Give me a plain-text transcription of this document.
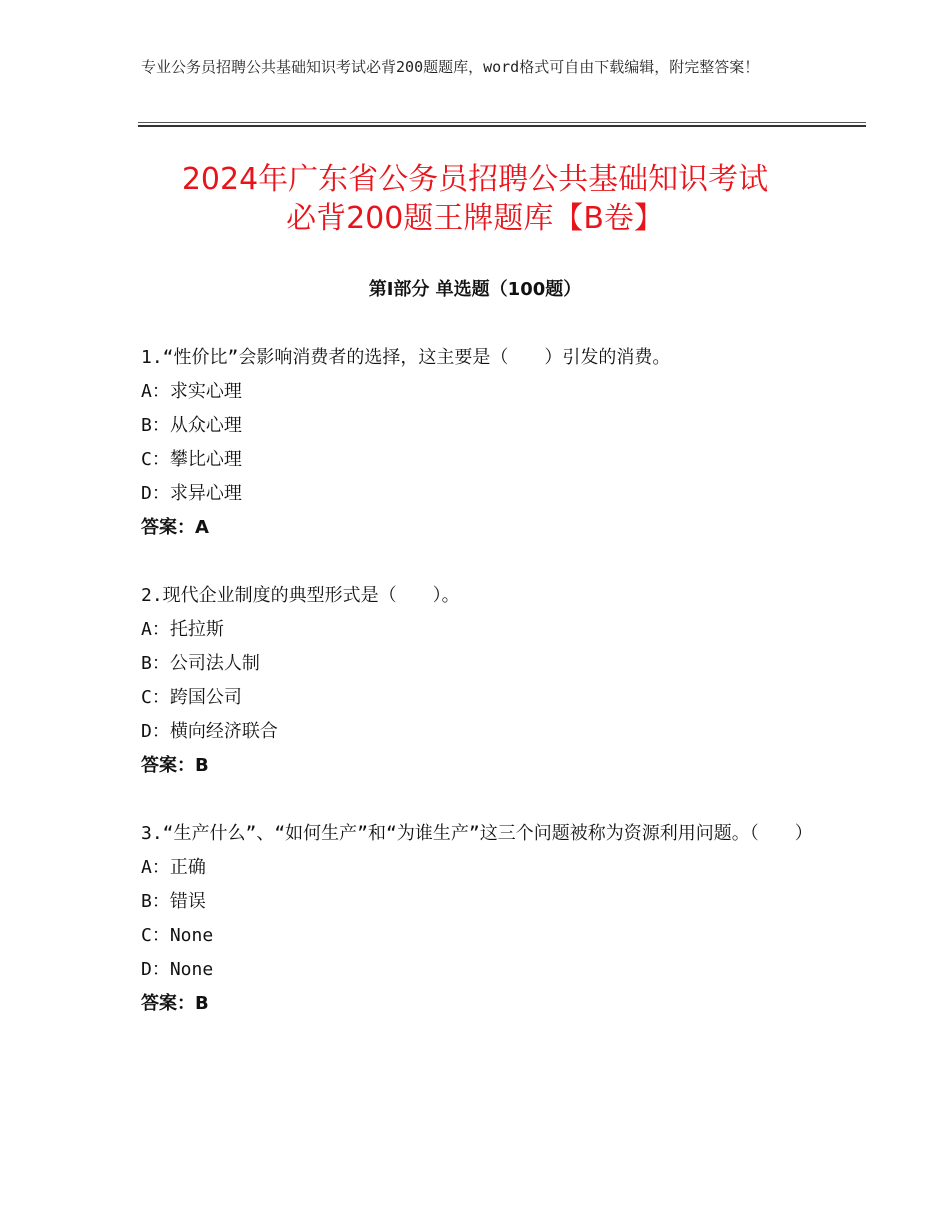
专业公务员招聘公共基础知识考试必背200题题库，word格式可自由下载编辑，附完整答案！
2024年广东省公务员招聘公共基础知识考试
必背200题王牌题库【B卷】
第Ⅰ部分 单选题（100题）

1.“性价比”会影响消费者的选择，这主要是（　　）引发的消费。

A：求实心理

B：从众心理

C：攀比心理

D：求异心理

答案：A

2.现代企业制度的典型形式是（　　）。

A：托拉斯

B：公司法人制

C：跨国公司

D：横向经济联合

答案：B

3.“生产什么”、“如何生产”和“为谁生产”这三个问题被称为资源利用问题。（　　）

A：正确

B：错误

C：None

D：None

答案：B
